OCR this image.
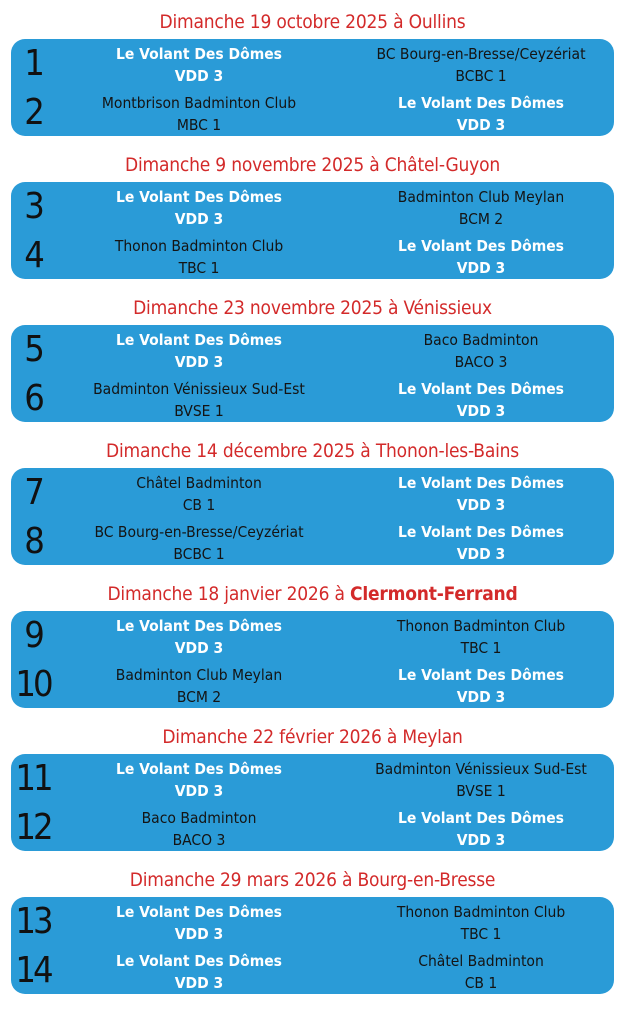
Dimanche 19 octobre 2025 à Oullins
1	Le Volant Des Dômes
VDD 3
BC Bourg-en-Bresse/Ceyzériat
BCBC 1
2	Montbrison Badminton Club
MBC 1
Le Volant Des Dômes
VDD 3
Dimanche 9 novembre 2025 à Châtel-Guyon
3	Le Volant Des Dômes
VDD 3
Badminton Club Meylan
BCM 2
4	Thonon Badminton Club
TBC 1
Le Volant Des Dômes
VDD 3
Dimanche 23 novembre 2025 à Vénissieux
5	Le Volant Des Dômes
VDD 3
Baco Badminton
BACO 3
6	Badminton Vénissieux Sud-Est
BVSE 1
Le Volant Des Dômes
VDD 3
Dimanche 14 décembre 2025 à Thonon-les-Bains
7	Châtel Badminton
CB 1
Le Volant Des Dômes
VDD 3
8	BC Bourg-en-Bresse/Ceyzériat
BCBC 1
Le Volant Des Dômes
VDD 3
Dimanche 18 janvier 2026 à Clermont-Ferrand
9	Le Volant Des Dômes
VDD 3
Thonon Badminton Club
TBC 1
10	Badminton Club Meylan
BCM 2
Le Volant Des Dômes
VDD 3
Dimanche 22 février 2026 à Meylan
11	Le Volant Des Dômes
VDD 3
Badminton Vénissieux Sud-Est
BVSE 1
12	Baco Badminton
BACO 3
Le Volant Des Dômes
VDD 3
Dimanche 29 mars 2026 à Bourg-en-Bresse
13	Le Volant Des Dômes
VDD 3
Thonon Badminton Club
TBC 1
14	Le Volant Des Dômes
VDD 3
Châtel Badminton
CB 1
